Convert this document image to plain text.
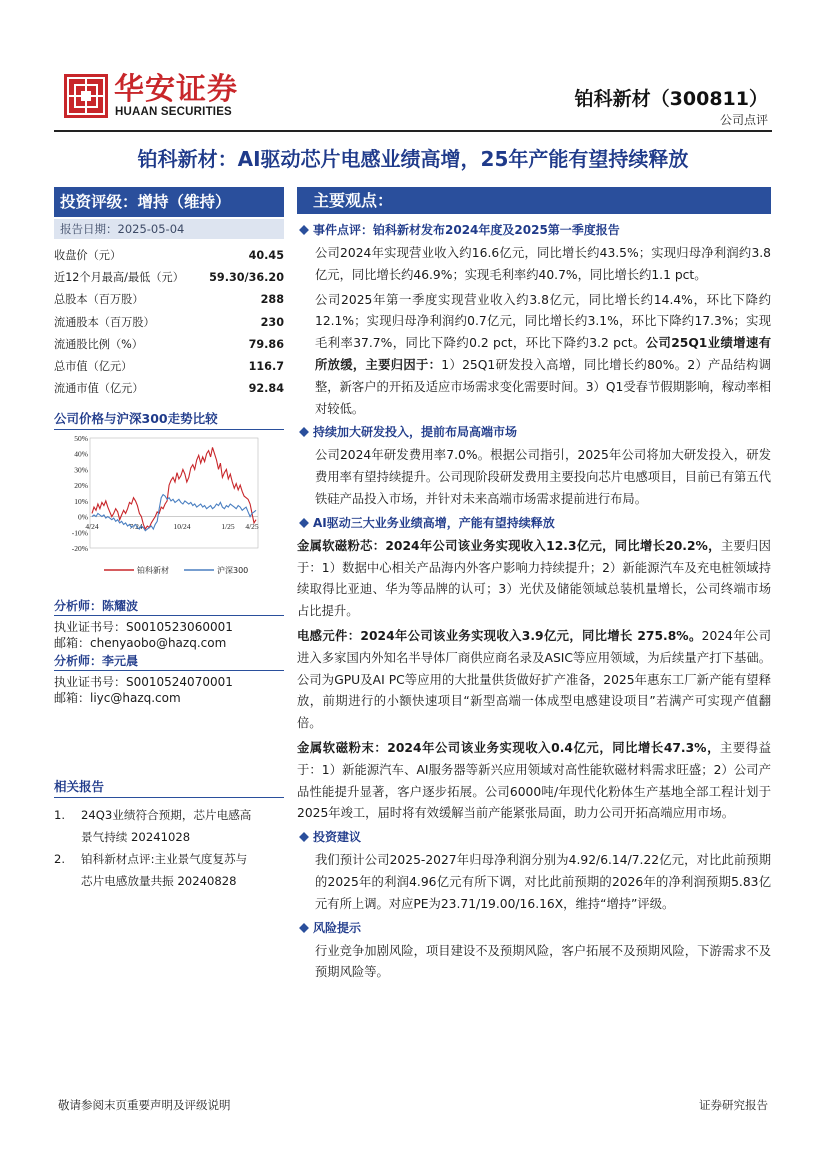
华安证券
HUAAN SECURITIES
铂科新材（300811）
公司点评
铂科新材：AI驱动芯片电感业绩高增，25年产能有望持续释放
投资评级：增持（维持）
报告日期：2025-05-04
收盘价（元）	40.45
近12个月最高/最低（元） 59.30/36.20
总股本（百万股）	288
流通股本（百万股）	230
流通股比例（%）	79.86
总市值（亿元）	116.7
流通市值（亿元）	92.84
公司价格与沪深300走势比较
50%
40%
30%
20%
10%
0%
-10%
-20%
4/24	7/24	10/24	1/25 4/25
铂科新材	沪深300
分析师：陈耀波
执业证书号：S0010523060001
邮箱：chenyaobo@hazq.com
分析师：李元晨
执业证书号：S0010524070001
邮箱：liyc@hazq.com
相关报告
1. 24Q3业绩符合预期，芯片电感高
景气持续 20241028
2. 铂科新材点评:主业景气度复苏与
芯片电感放量共振 20240828
主要观点：
事件点评：铂科新材发布2024年度及2025第一季度报告
公司2024年实现营业收入约16.6亿元，同比增长约43.5%；实现归母净利润约3.8亿元，同比增长约46.9%；实现毛利率约40.7%，同比增长约1.1 pct。
公司2025年第一季度实现营业收入约3.8亿元，同比增长约14.4%，环比下降约12.1%；实现归母净利润约0.7亿元，同比增长约3.1%，环比下降约17.3%；实现毛利率37.7%，同比下降约0.2 pct，环比下降约3.2 pct。公司25Q1业绩增速有所放缓，主要归因于：1）25Q1研发投入高增，同比增长约80%。2）产品结构调整，新客户的开拓及适应市场需求变化需要时间。3）Q1受春节假期影响，稼动率相对较低。
持续加大研发投入，提前布局高端市场
公司2024年研发费用率7.0%。根据公司指引，2025年公司将加大研发投入，研发费用率有望持续提升。公司现阶段研发费用主要投向芯片电感项目，目前已有第五代铁硅产品投入市场，并针对未来高端市场需求提前进行布局。
AI驱动三大业务业绩高增，产能有望持续释放
金属软磁粉芯：2024年公司该业务实现收入12.3亿元，同比增长20.2%，主要归因于：1）数据中心相关产品海内外客户影响力持续提升；2）新能源汽车及充电桩领域持续取得比亚迪、华为等品牌的认可；3）光伏及储能领域总装机量增长，公司终端市场占比提升。
电感元件：2024年公司该业务实现收入3.9亿元，同比增长 275.8%。2024年公司进入多家国内外知名半导体厂商供应商名录及ASIC等应用领域，为后续量产打下基础。公司为GPU及AI PC等应用的大批量供货做好扩产准备，2025年惠东工厂新产能有望释放，前期进行的小额快速项目“新型高端一体成型电感建设项目”若满产可实现产值翻倍。
金属软磁粉末：2024年公司该业务实现收入0.4亿元，同比增长47.3%，主要得益于：1）新能源汽车、AI服务器等新兴应用领域对高性能软磁材料需求旺盛；2）公司产品性能提升显著，客户逐步拓展。公司6000吨/年现代化粉体生产基地全部工程计划于2025年竣工，届时将有效缓解当前产能紧张局面，助力公司开拓高端应用市场。
投资建议
我们预计公司2025-2027年归母净利润分别为4.92/6.14/7.22亿元，对比此前预期的2025年的利润4.96亿元有所下调，对比此前预期的2026年的净利润预期5.83亿元有所上调。对应PE为23.71/19.00/16.16X，维持“增持”评级。
风险提示
行业竞争加剧风险，项目建设不及预期风险，客户拓展不及预期风险，下游需求不及预期风险等。
敬请参阅末页重要声明及评级说明	证券研究报告
